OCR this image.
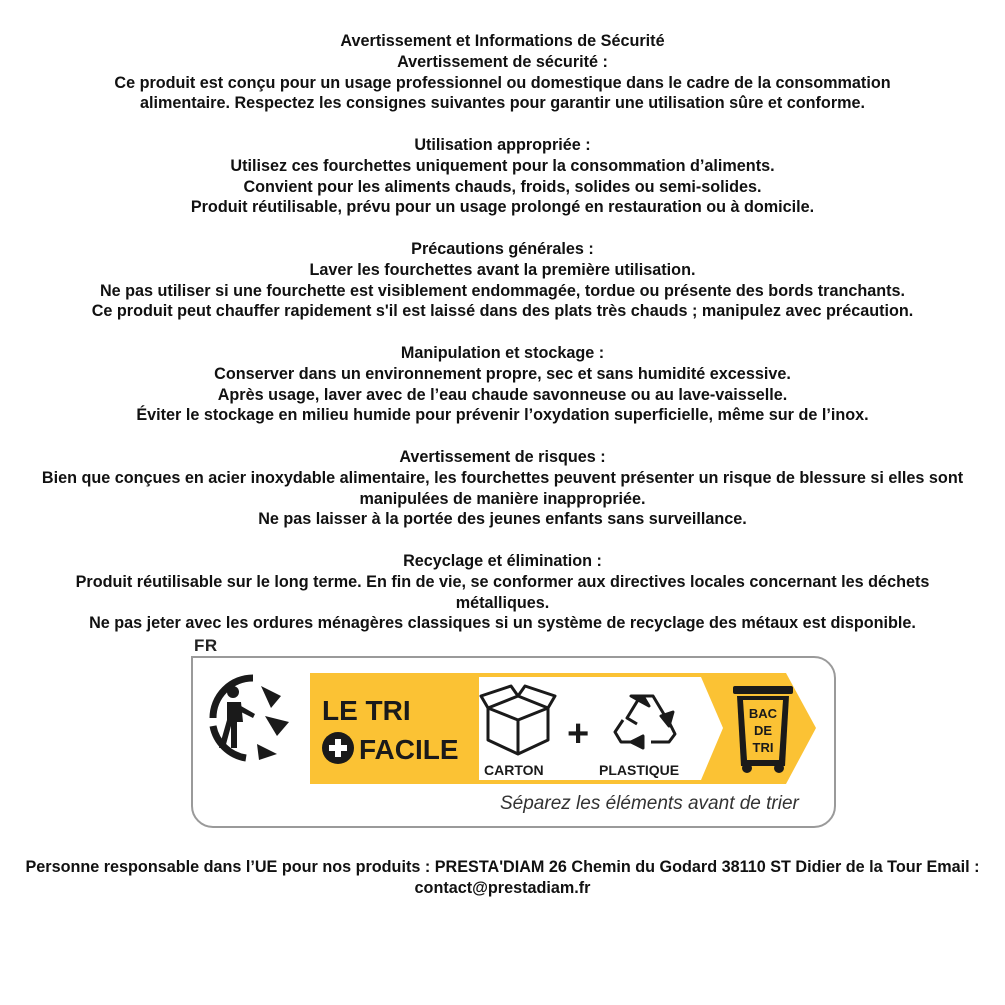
Avertissement et Informations de Sécurité
Avertissement de sécurité :
Ce produit est conçu pour un usage professionnel ou domestique dans le cadre de la consommation alimentaire. Respectez les consignes suivantes pour garantir une utilisation sûre et conforme.
Utilisation appropriée :
Utilisez ces fourchettes uniquement pour la consommation d’aliments.
Convient pour les aliments chauds, froids, solides ou semi-solides.
Produit réutilisable, prévu pour un usage prolongé en restauration ou à domicile.
Précautions générales :
Laver les fourchettes avant la première utilisation.
Ne pas utiliser si une fourchette est visiblement endommagée, tordue ou présente des bords tranchants.
Ce produit peut chauffer rapidement s'il est laissé dans des plats très chauds ; manipulez avec précaution.
Manipulation et stockage :
Conserver dans un environnement propre, sec et sans humidité excessive.
Après usage, laver avec de l’eau chaude savonneuse ou au lave-vaisselle.
Éviter le stockage en milieu humide pour prévenir l’oxydation superficielle, même sur de l’inox.
Avertissement de risques :
Bien que conçues en acier inoxydable alimentaire, les fourchettes peuvent présenter un risque de blessure si elles sont manipulées de manière inappropriée.
Ne pas laisser à la portée des jeunes enfants sans surveillance.
Recyclage et élimination :
Produit réutilisable sur le long terme. En fin de vie, se conformer aux directives locales concernant les déchets métalliques.
Ne pas jeter avec les ordures ménagères classiques si un système de recyclage des métaux est disponible.
FR
LE TRI
FACILE
CARTON
+
PLASTIQUE
BAC
DE
TRI
Séparez les éléments avant de trier
Personne responsable dans l’UE pour nos produits : PRESTA'DIAM 26 Chemin du Godard 38110 ST Didier de la Tour Email : contact@prestadiam.fr
